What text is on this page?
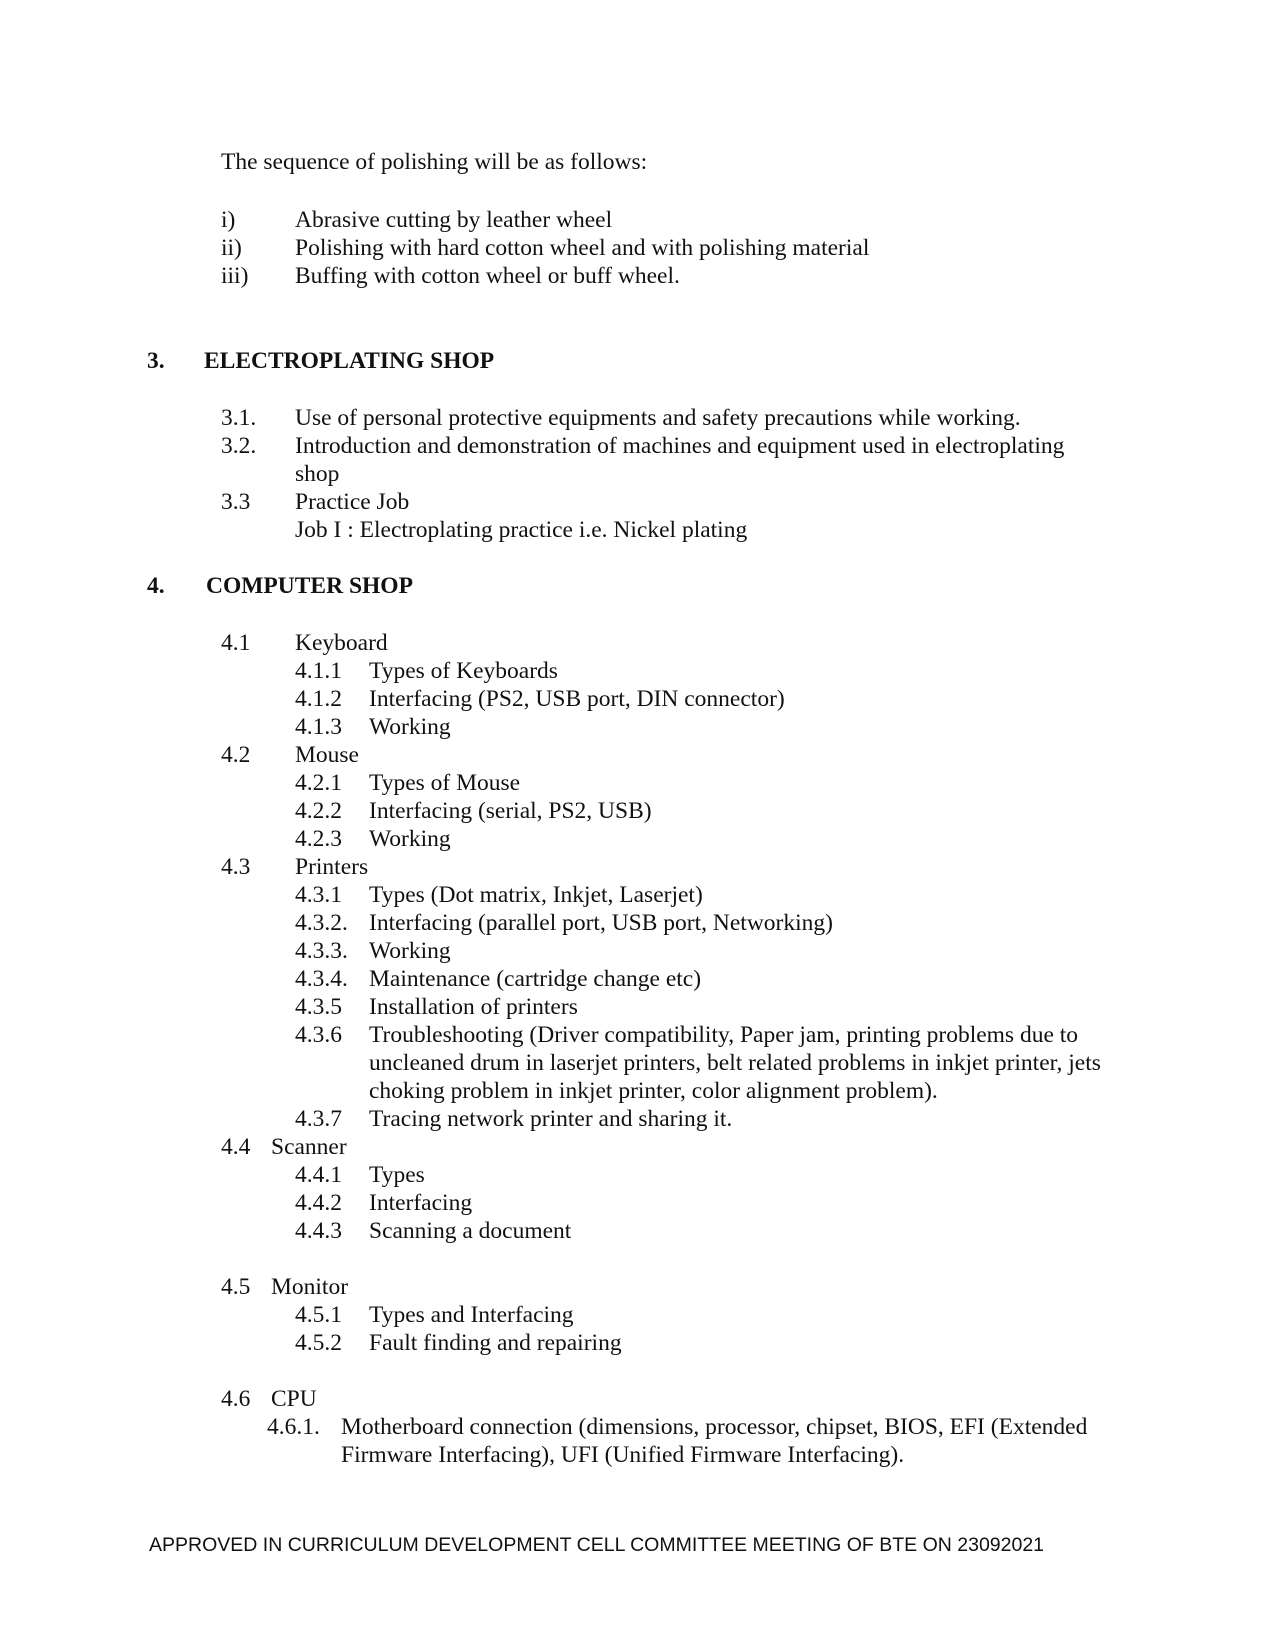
The sequence of polishing will be as follows:
i)	Abrasive cutting by leather wheel
ii) Polishing with hard cotton wheel and with polishing material
iii) Buffing with cotton wheel or buff wheel.
3. ELECTROPLATING SHOP
3.1. Use of personal protective equipments and safety precautions while working.
3.2. Introduction and demonstration of machines and equipment used in electroplating
shop
3.3 Practice Job
Job I : Electroplating practice i.e. Nickel plating
4. COMPUTER SHOP
4.1 Keyboard
4.1.1 Types of Keyboards
4.1.2 Interfacing (PS2, USB port, DIN connector)
4.1.3 Working
4.2 Mouse
4.2.1 Types of Mouse
4.2.2 Interfacing (serial, PS2, USB)
4.2.3 Working
4.3 Printers
4.3.1 Types (Dot matrix, Inkjet, Laserjet)
4.3.2. Interfacing (parallel port, USB port, Networking)
4.3.3. Working
4.3.4. Maintenance (cartridge change etc)
4.3.5 Installation of printers
4.3.6 Troubleshooting (Driver compatibility, Paper jam, printing problems due to
uncleaned drum in laserjet printers, belt related problems in inkjet printer, jets
choking problem in inkjet printer, color alignment problem).
4.3.7 Tracing network printer and sharing it.
4.4 Scanner
4.4.1 Types
4.4.2 Interfacing
4.4.3 Scanning a document
4.5 Monitor
4.5.1 Types and Interfacing
4.5.2 Fault finding and repairing
4.6 CPU
4.6.1. Motherboard connection (dimensions, processor, chipset, BIOS, EFI (Extended
Firmware Interfacing), UFI (Unified Firmware Interfacing).
APPROVED IN CURRICULUM DEVELOPMENT CELL COMMITTEE MEETING OF BTE ON 23092021
